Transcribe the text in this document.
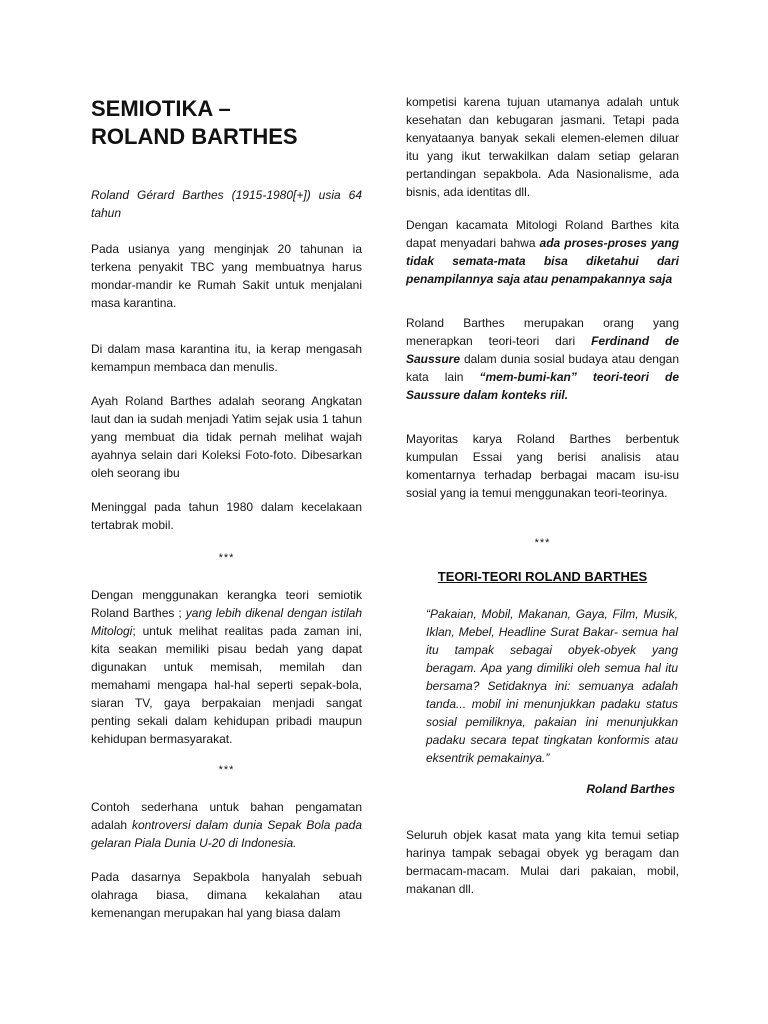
SEMIOTIKA –
ROLAND BARTHES

Roland Gérard Barthes (1915-1980[+]) usia 64 tahun

Pada usianya yang menginjak 20 tahunan ia terkena penyakit TBC yang membuatnya harus mondar-mandir ke Rumah Sakit untuk menjalani masa karantina.

Di dalam masa karantina itu, ia kerap mengasah kemampun membaca dan menulis.

Ayah Roland Barthes adalah seorang Angkatan laut dan ia sudah menjadi Yatim sejak usia 1 tahun yang membuat dia tidak pernah melihat wajah ayahnya selain dari Koleksi Foto-foto. Dibesarkan oleh seorang ibu

Meninggal pada tahun 1980 dalam kecelakaan tertabrak mobil.

***

Dengan menggunakan kerangka teori semiotik Roland Barthes ; yang lebih dikenal dengan istilah Mitologi; untuk melihat realitas pada zaman ini, kita seakan memiliki pisau bedah yang dapat digunakan untuk memisah, memilah dan memahami mengapa hal-hal seperti sepak-bola, siaran TV, gaya berpakaian menjadi sangat penting sekali dalam kehidupan pribadi maupun kehidupan bermasyarakat.

***

Contoh sederhana untuk bahan pengamatan adalah kontroversi dalam dunia Sepak Bola pada gelaran Piala Dunia U-20 di Indonesia.

Pada dasarnya Sepakbola hanyalah sebuah olahraga biasa, dimana kekalahan atau kemenangan merupakan hal yang biasa dalam

kompetisi karena tujuan utamanya adalah untuk kesehatan dan kebugaran jasmani. Tetapi pada kenyataanya banyak sekali elemen-elemen diluar itu yang ikut terwakilkan dalam setiap gelaran pertandingan sepakbola. Ada Nasionalisme, ada bisnis, ada identitas dll.

Dengan kacamata Mitologi Roland Barthes kita dapat menyadari bahwa ada proses-proses yang tidak semata-mata bisa diketahui dari penampilannya saja atau penampakannya saja

Roland Barthes merupakan orang yang menerapkan teori-teori dari Ferdinand de Saussure dalam dunia sosial budaya atau dengan kata lain “mem-bumi-kan” teori-teori de Saussure dalam konteks riil.

Mayoritas karya Roland Barthes berbentuk kumpulan Essai yang berisi analisis atau komentarnya terhadap berbagai macam isu-isu sosial yang ia temui menggunakan teori-teorinya.

***
TEORI-TEORI ROLAND BARTHES

“Pakaian, Mobil, Makanan, Gaya, Film, Musik, Iklan, Mebel, Headline Surat Bakar- semua hal itu tampak sebagai obyek-obyek yang beragam. Apa yang dimiliki oleh semua hal itu bersama? Setidaknya ini: semuanya adalah tanda... mobil ini menunjukkan padaku status sosial pemiliknya, pakaian ini menunjukkan padaku secara tepat tingkatan konformis atau eksentrik pemakainya.”

Roland Barthes

Seluruh objek kasat mata yang kita temui setiap harinya tampak sebagai obyek yg beragam dan bermacam-macam. Mulai dari pakaian, mobil, makanan dll.
